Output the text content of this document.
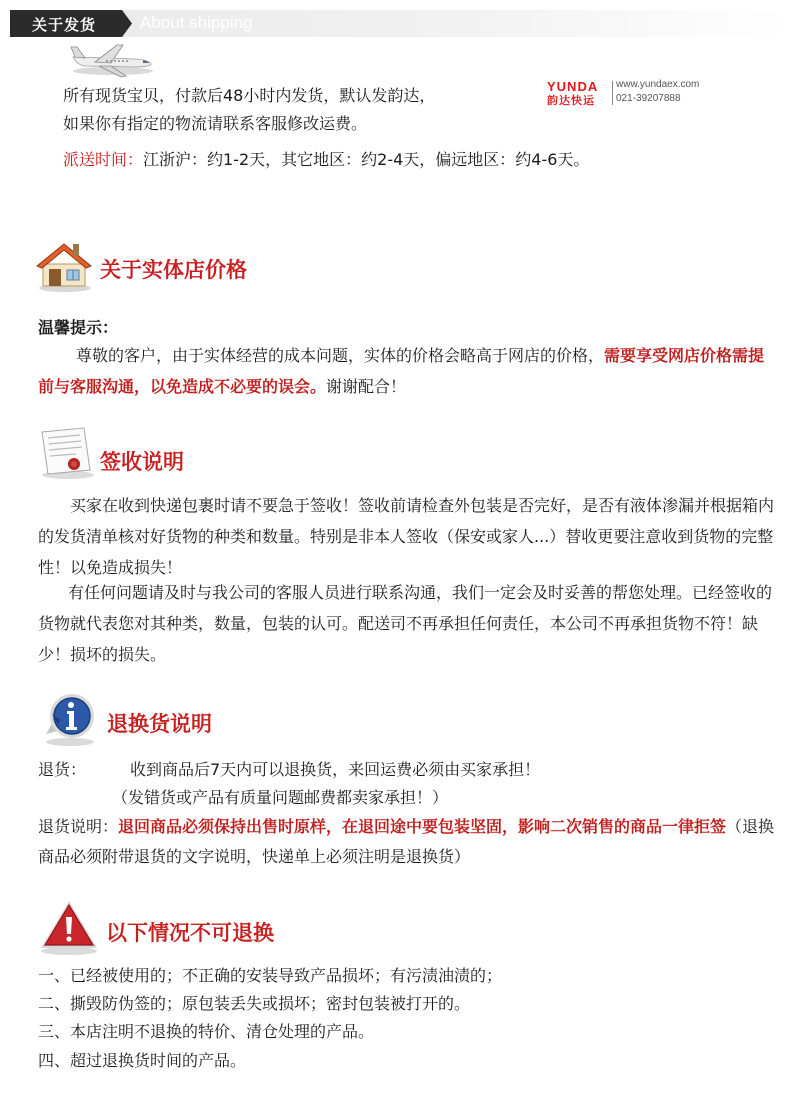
关于发货	About shipping
所有现货宝贝，付款后48小时内发货，默认发韵达，
如果你有指定的物流请联系客服修改运费。
派送时间：江浙沪：约1-2天，其它地区：约2-4天，偏远地区：约4-6天。
YUNDA
韵达快运
www.yundaex.com
021-39207888
关于实体店价格
温馨提示：
尊敬的客户，由于实体经营的成本问题，实体的价格会略高于网店的价格，需要享受网店价格需提前与客服沟通，以免造成不必要的误会。谢谢配合！
签收说明
买家在收到快递包裹时请不要急于签收！签收前请检查外包装是否完好，是否有液体渗漏并根据箱内的发货清单核对好货物的种类和数量。特别是非本人签收（保安或家人...）替收更要注意收到货物的完整性！以免造成损失！
有任何问题请及时与我公司的客服人员进行联系沟通，我们一定会及时妥善的帮您处理。已经签收的货物就代表您对其种类，数量，包装的认可。配送司不再承担任何责任，本公司不再承担货物不符！缺少！损坏的损失。
退换货说明
退货：	收到商品后7天内可以退换货，来回运费必须由买家承担！
（发错货或产品有质量问题邮费都卖家承担！）
退货说明：退回商品必须保持出售时原样，在退回途中要包装坚固，影响二次销售的商品一律拒签（退换商品必须附带退货的文字说明，快递单上必须注明是退换货）
以下情况不可退换
一、已经被使用的；不正确的安装导致产品损坏；有污渍油渍的；
二、撕毁防伪签的；原包装丢失或损坏；密封包装被打开的。
三、本店注明不退换的特价、清仓处理的产品。
四、超过退换货时间的产品。
